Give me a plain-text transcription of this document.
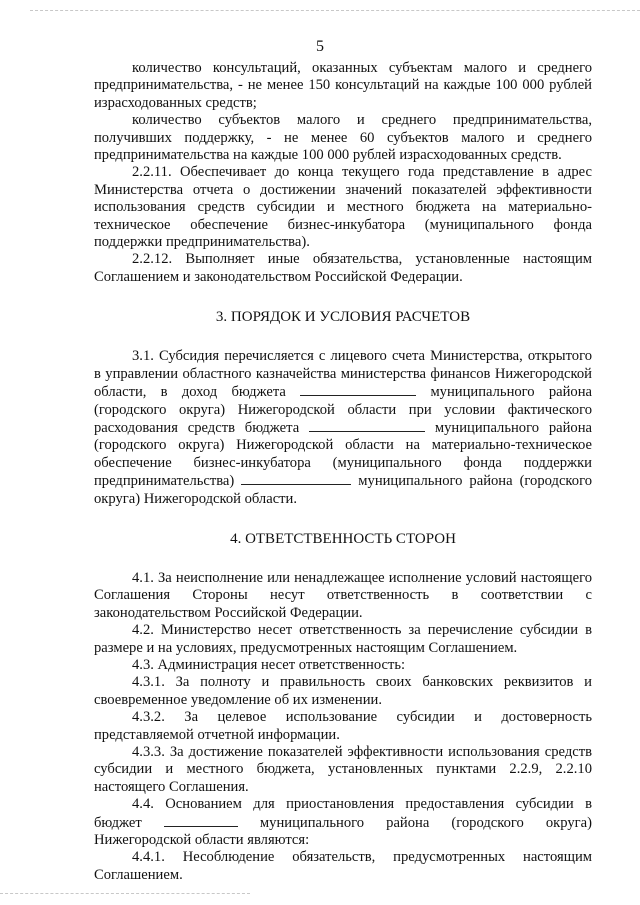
5

количество консультаций, оказанных субъектам малого и среднего предпринимательства, - не менее 150 консультаций на каждые 100 000 рублей израсходованных средств;

количество субъектов малого и среднего предпринимательства, получивших поддержку, - не менее 60 субъектов малого и среднего предпринимательства на каждые 100 000 рублей израсходованных средств.

2.2.11. Обеспечивает до конца текущего года представление в адрес Министерства отчета о достижении значений показателей эффективности использования средств субсидии и местного бюджета на материально-техническое обеспечение бизнес-инкубатора (муниципального фонда поддержки предпринимательства).

2.2.12. Выполняет иные обязательства, установленные настоящим Соглашением и законодательством Российской Федерации.

3. ПОРЯДОК И УСЛОВИЯ РАСЧЕТОВ

3.1. Субсидия перечисляется с лицевого счета Министерства, открытого в управлении областного казначейства министерства финансов Нижегородской области, в доход бюджета	муниципального района (городского округа) Нижегородской области при условии фактического расходования средств бюджета	муниципального района (городского округа) Нижегородской области на материально-техническое обеспечение бизнес-инкубатора (муниципального фонда поддержки предпринимательства)	муниципального района (городского округа) Нижегородской области.

4. ОТВЕТСТВЕННОСТЬ СТОРОН

4.1. За неисполнение или ненадлежащее исполнение условий настоящего Соглашения Стороны несут ответственность в соответствии с законодательством Российской Федерации.

4.2. Министерство несет ответственность за перечисление субсидии в размере и на условиях, предусмотренных настоящим Соглашением.

4.3. Администрация несет ответственность:

4.3.1. За полноту и правильность своих банковских реквизитов и своевременное уведомление об их изменении.

4.3.2. За целевое использование субсидии и достоверность представляемой отчетной информации.

4.3.3. За достижение показателей эффективности использования средств субсидии и местного бюджета, установленных пунктами 2.2.9, 2.2.10 настоящего Соглашения.

4.4. Основанием для приостановления предоставления субсидии в бюджет	муниципального района (городского округа) Нижегородской области являются:

4.4.1. Несоблюдение обязательств, предусмотренных настоящим Соглашением.
